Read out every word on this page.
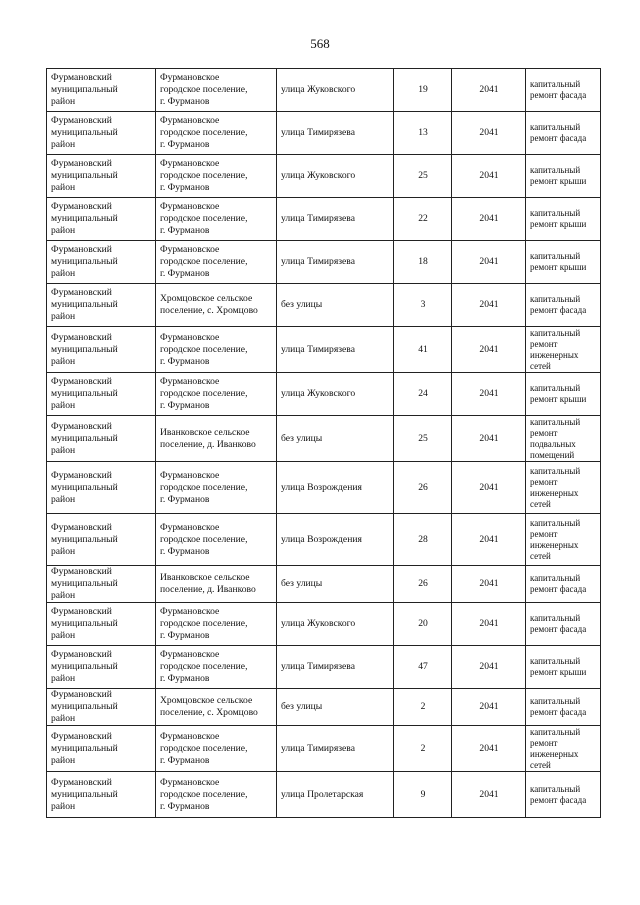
568
Фурмановский
муниципальный
район	Фурмановское
городское поселение,
г. Фурманов	улица Жуковского	19	2041	капитальный
ремонт фасада
Фурмановский
муниципальный
район	Фурмановское
городское поселение,
г. Фурманов	улица Тимирязева	13	2041	капитальный
ремонт фасада
Фурмановский
муниципальный
район	Фурмановское
городское поселение,
г. Фурманов	улица Жуковского	25	2041	капитальный
ремонт крыши
Фурмановский
муниципальный
район	Фурмановское
городское поселение,
г. Фурманов	улица Тимирязева	22	2041	капитальный
ремонт крыши
Фурмановский
муниципальный
район	Фурмановское
городское поселение,
г. Фурманов	улица Тимирязева	18	2041	капитальный
ремонт крыши
Фурмановский
муниципальный
район	Хромцовское сельское
поселение, с. Хромцово	без улицы	3	2041	капитальный
ремонт фасада
Фурмановский
муниципальный
район	Фурмановское
городское поселение,
г. Фурманов	улица Тимирязева	41	2041	капитальный
ремонт
инженерных
сетей
Фурмановский
муниципальный
район	Фурмановское
городское поселение,
г. Фурманов	улица Жуковского	24	2041	капитальный
ремонт крыши
Фурмановский
муниципальный
район	Иванковское сельское
поселение, д. Иванково	без улицы	25	2041	капитальный
ремонт
подвальных
помещений
Фурмановский
муниципальный
район	Фурмановское
городское поселение,
г. Фурманов	улица Возрождения	26	2041	капитальный
ремонт
инженерных
сетей
Фурмановский
муниципальный
район	Фурмановское
городское поселение,
г. Фурманов	улица Возрождения	28	2041	капитальный
ремонт
инженерных
сетей
Фурмановский
муниципальный
район	Иванковское сельское
поселение, д. Иванково	без улицы	26	2041	капитальный
ремонт фасада
Фурмановский
муниципальный
район	Фурмановское
городское поселение,
г. Фурманов	улица Жуковского	20	2041	капитальный
ремонт фасада
Фурмановский
муниципальный
район	Фурмановское
городское поселение,
г. Фурманов	улица Тимирязева	47	2041	капитальный
ремонт крыши
Фурмановский
муниципальный
район	Хромцовское сельское
поселение, с. Хромцово	без улицы	2	2041	капитальный
ремонт фасада
Фурмановский
муниципальный
район	Фурмановское
городское поселение,
г. Фурманов	улица Тимирязева	2	2041	капитальный
ремонт
инженерных
сетей
Фурмановский
муниципальный
район	Фурмановское
городское поселение,
г. Фурманов	улица Пролетарская	9	2041	капитальный
ремонт фасада
